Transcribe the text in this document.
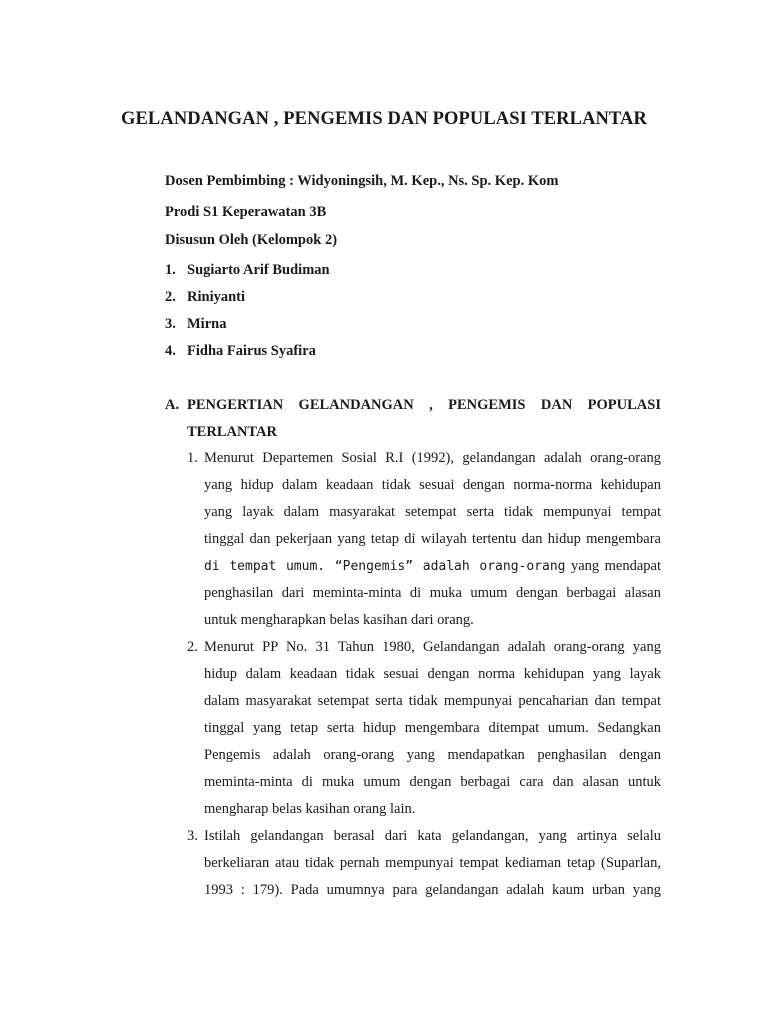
GELANDANGAN , PENGEMIS DAN POPULASI TERLANTAR
Dosen Pembimbing : Widyoningsih, M. Kep., Ns. Sp. Kep. Kom
Prodi S1 Keperawatan 3B
Disusun Oleh (Kelompok 2)
1. Sugiarto Arif Budiman
2. Riniyanti
3. Mirna
4. Fidha Fairus Syafira
A. PENGERTIAN GELANDANGAN , PENGEMIS DAN POPULASI
TERLANTAR
1. Menurut Departemen Sosial R.I (1992), gelandangan adalah orang-orang
yang hidup dalam keadaan tidak sesuai dengan norma-norma kehidupan
yang layak dalam masyarakat setempat serta tidak mempunyai tempat
tinggal dan pekerjaan yang tetap di wilayah tertentu dan hidup mengembara
di tempat umum. “Pengemis” adalah orang-orang yang mendapat
penghasilan dari meminta-minta di muka umum dengan berbagai alasan
untuk mengharapkan belas kasihan dari orang.

2. Menurut PP No. 31 Tahun 1980, Gelandangan adalah orang-orang yang
hidup dalam keadaan tidak sesuai dengan norma kehidupan yang layak
dalam masyarakat setempat serta tidak mempunyai pencaharian dan tempat
tinggal yang tetap serta hidup mengembara ditempat umum. Sedangkan
Pengemis adalah orang-orang yang mendapatkan penghasilan dengan
meminta-minta di muka umum dengan berbagai cara dan alasan untuk
mengharap belas kasihan orang lain.

3. Istilah gelandangan berasal dari kata gelandangan, yang artinya selalu
berkeliaran atau tidak pernah mempunyai tempat kediaman tetap (Suparlan,
1993 : 179). Pada umumnya para gelandangan adalah kaum urban yang
